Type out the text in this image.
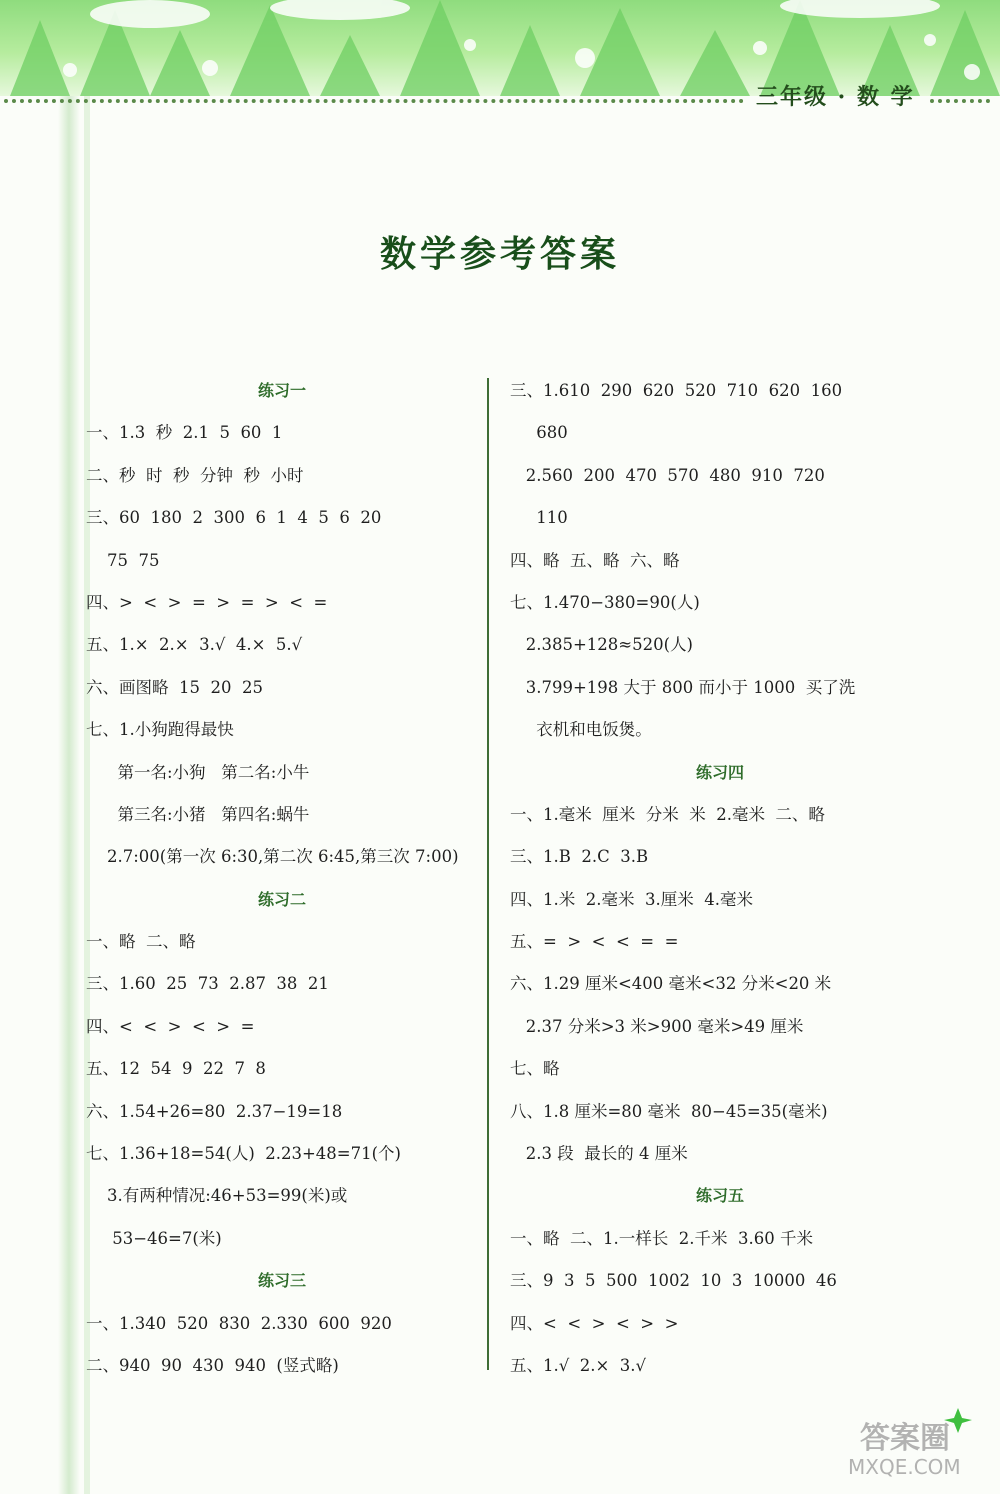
三年级 · 数 学
数学参考答案
练习一
一、1.3  秒  2.1  5  60  1
二、秒  时  秒  分钟  秒  小时
三、60  180  2  300  6  1  4  5  6  20
75  75
四、>  <  >  =  >  =  >  <  =
五、1.×  2.×  3.√  4.×  5.√
六、画图略  15  20  25
七、1.小狗跑得最快
第一名:小狗   第二名:小牛
第三名:小猪   第四名:蜗牛
2.7:00(第一次 6:30,第二次 6:45,第三次 7:00)
练习二
一、略  二、略
三、1.60  25  73  2.87  38  21
四、<  <  >  <  >  =
五、12  54  9  22  7  8
六、1.54+26=80  2.37−19=18
七、1.36+18=54(人)  2.23+48=71(个)
3.有两种情况:46+53=99(米)或
53−46=7(米)
练习三
一、1.340  520  830  2.330  600  920
二、940  90  430  940  (竖式略)
三、1.610  290  620  520  710  620  160
680
2.560  200  470  570  480  910  720
110
四、略  五、略  六、略
七、1.470−380=90(人)
2.385+128≈520(人)
3.799+198 大于 800 而小于 1000  买了洗
衣机和电饭煲。
练习四
一、1.毫米  厘米  分米  米  2.毫米  二、略
三、1.B  2.C  3.B
四、1.米  2.毫米  3.厘米  4.毫米
五、=  >  <  <  =  =
六、1.29 厘米<400 毫米<32 分米<20 米
2.37 分米>3 米>900 毫米>49 厘米
七、略
八、1.8 厘米=80 毫米  80−45=35(毫米)
2.3 段  最长的 4 厘米
练习五
一、略  二、1.一样长  2.千米  3.60 千米
三、9  3  5  500  1002  10  3  10000  46
四、<  <  >  <  >  >
五、1.√  2.×  3.√
答案圈
MXQE.COM
